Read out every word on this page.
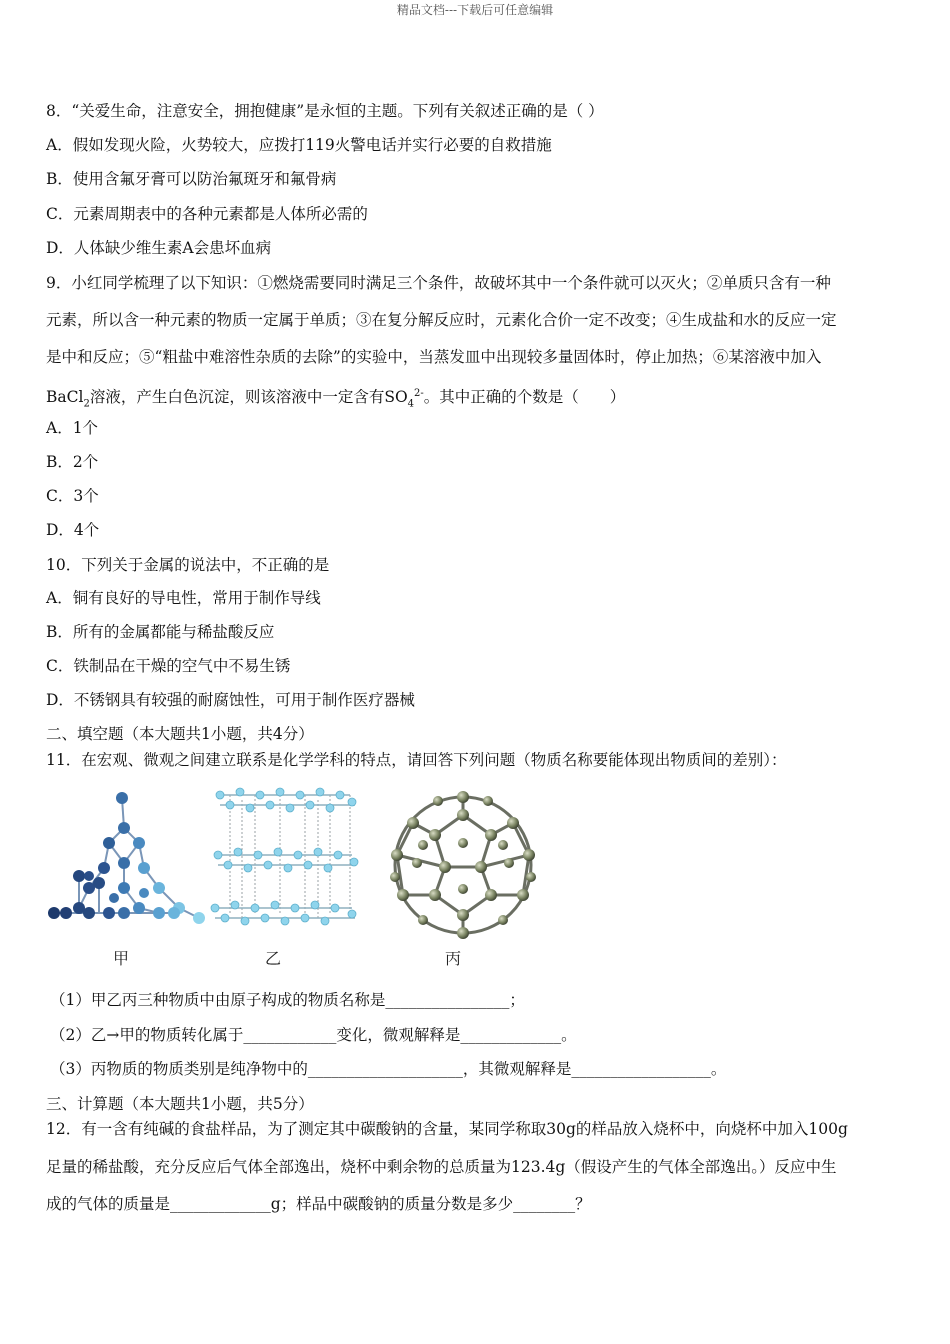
精品文档---下载后可任意编辑
8．“关爱生命，注意安全，拥抱健康”是永恒的主题。下列有关叙述正确的是（ ）
A．假如发现火险，火势较大，应拨打119火警电话并实行必要的自救措施
B．使用含氟牙膏可以防治氟斑牙和氟骨病
C．元素周期表中的各种元素都是人体所必需的
D．人体缺少维生素A会患坏血病
9．小红同学梳理了以下知识：①燃烧需要同时满足三个条件，故破坏其中一个条件就可以灭火；②单质只含有一种
元素，所以含一种元素的物质一定属于单质；③在复分解反应时，元素化合价一定不改变；④生成盐和水的反应一定
是中和反应；⑤“粗盐中难溶性杂质的去除”的实验中，当蒸发皿中出现较多量固体时，停止加热；⑥某溶液中加入
BaCl$_2$溶液，产生白色沉淀，则该溶液中一定含有$SO_4^{2-}$。其中正确的个数是（　　）
A．1个
B．2个
C．3个
D．4个
10．下列关于金属的说法中，不正确的是
A．铜有良好的导电性，常用于制作导线
B．所有的金属都能与稀盐酸反应
C．铁制品在干燥的空气中不易生锈
D．不锈钢具有较强的耐腐蚀性，可用于制作医疗器械
二、填空题（本大题共1小题，共4分）
11．在宏观、微观之间建立联系是化学学科的特点，请回答下列问题（物质名称要能体现出物质间的差别）：
甲	乙	丙
（1）甲乙丙三种物质中由原子构成的物质名称是________________；
（2）乙→甲的物质转化属于____________变化，微观解释是_____________。
（3）丙物质的物质类别是纯净物中的____________________，其微观解释是__________________。
三、计算题（本大题共1小题，共5分）
12．有一含有纯碱的食盐样品，为了测定其中碳酸钠的含量，某同学称取30g的样品放入烧杯中，向烧杯中加入100g
足量的稀盐酸，充分反应后气体全部逸出，烧杯中剩余物的总质量为123.4g（假设产生的气体全部逸出。）反应中生
成的气体的质量是_____________g；样品中碳酸钠的质量分数是多少________？
